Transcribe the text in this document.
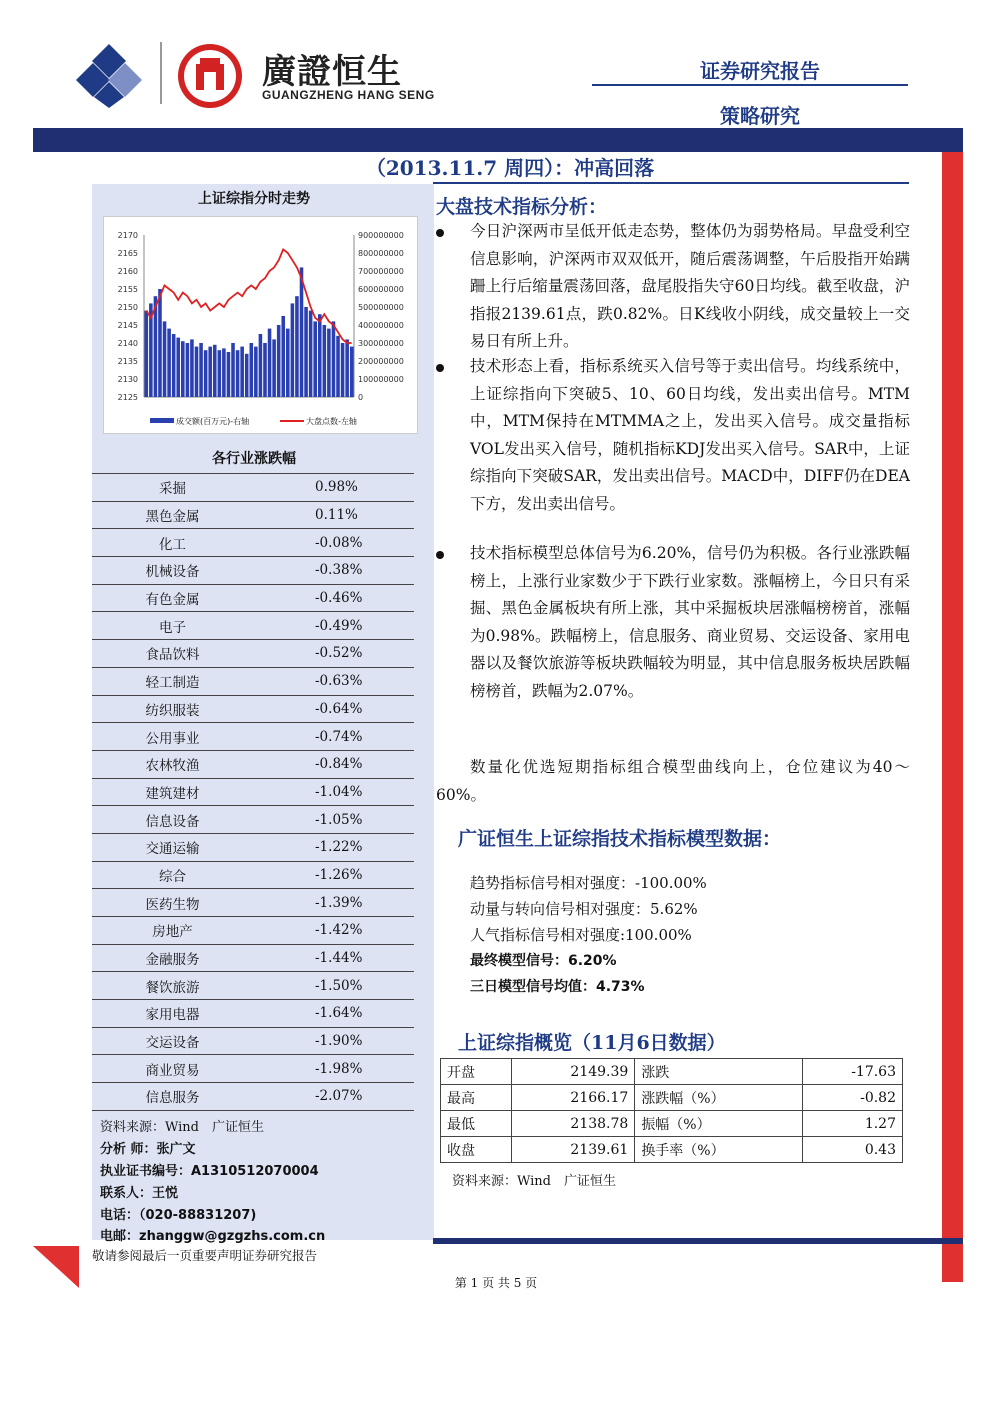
廣證恒生
GUANGZHENG HANG SENG
证券研究报告
策略研究
（2013.11.7 周四）：冲高回落
上证综指分时走势
2170
2165
2160
2155
2150
2145
2140
2135
2130
2125
900000000
800000000
700000000
600000000
500000000
400000000
300000000
200000000
100000000
0
成交额(百万元)-右轴	大盘点数-左轴
各行业涨跌幅
采掘	0.98%
黑色金属	0.11%
化工	-0.08%
机械设备	-0.38%
有色金属	-0.46%
电子	-0.49%
食品饮料	-0.52%
轻工制造	-0.63%
纺织服装	-0.64%
公用事业	-0.74%
农林牧渔	-0.84%
建筑建材	-1.04%
信息设备	-1.05%
交通运输	-1.22%
综合	-1.26%
医药生物	-1.39%
房地产	-1.42%
金融服务	-1.44%
餐饮旅游	-1.50%
家用电器	-1.64%
交运设备	-1.90%
商业贸易	-1.98%
信息服务	-2.07%
资料来源：Wind　广证恒生
分析 师：张广文
执业证书编号：A1310512070004
联系人：王悦
电话：（020-88831207)
电邮：zhanggw@gzgzhs.com.cn
大盘技术指标分析：
今日沪深两市呈低开低走态势，整体仍为弱势格局。早盘受利空信息影响，沪深两市双双低开，随后震荡调整，午后股指开始蹒跚上行后缩量震荡回落，盘尾股指失守60日均线。截至收盘，沪指报2139.61点，跌0.82%。日K线收小阴线，成交量较上一交易日有所上升。
技术形态上看，指标系统买入信号等于卖出信号。均线系统中，上证综指向下突破5、10、60日均线，发出卖出信号。MTM中，MTM保持在MTMMA之上，发出买入信号。成交量指标VOL发出买入信号，随机指标KDJ发出买入信号。SAR中，上证综指向下突破SAR，发出卖出信号。MACD中，DIFF仍在DEA下方，发出卖出信号。
技术指标模型总体信号为6.20%，信号仍为积极。各行业涨跌幅榜上，上涨行业家数少于下跌行业家数。涨幅榜上，今日只有采掘、黑色金属板块有所上涨，其中采掘板块居涨幅榜榜首，涨幅为0.98%。跌幅榜上，信息服务、商业贸易、交运设备、家用电器以及餐饮旅游等板块跌幅较为明显，其中信息服务板块居跌幅榜榜首，跌幅为2.07%。
数量化优选短期指标组合模型曲线向上，仓位建议为40～60%。
广证恒生上证综指技术指标模型数据：
趋势指标信号相对强度：-100.00%
动量与转向信号相对强度：5.62%
人气指标信号相对强度:100.00%
最终模型信号：6.20%
三日模型信号均值：4.73%
上证综指概览（11月6日数据）
开盘	2149.39	涨跌	-17.63
最高	2166.17	涨跌幅（%）	-0.82
最低	2138.78	振幅（%）	1.27
收盘	2139.61	换手率（%）	0.43
资料来源：Wind　广证恒生
敬请参阅最后一页重要声明证券研究报告
第 1 页 共 5 页
